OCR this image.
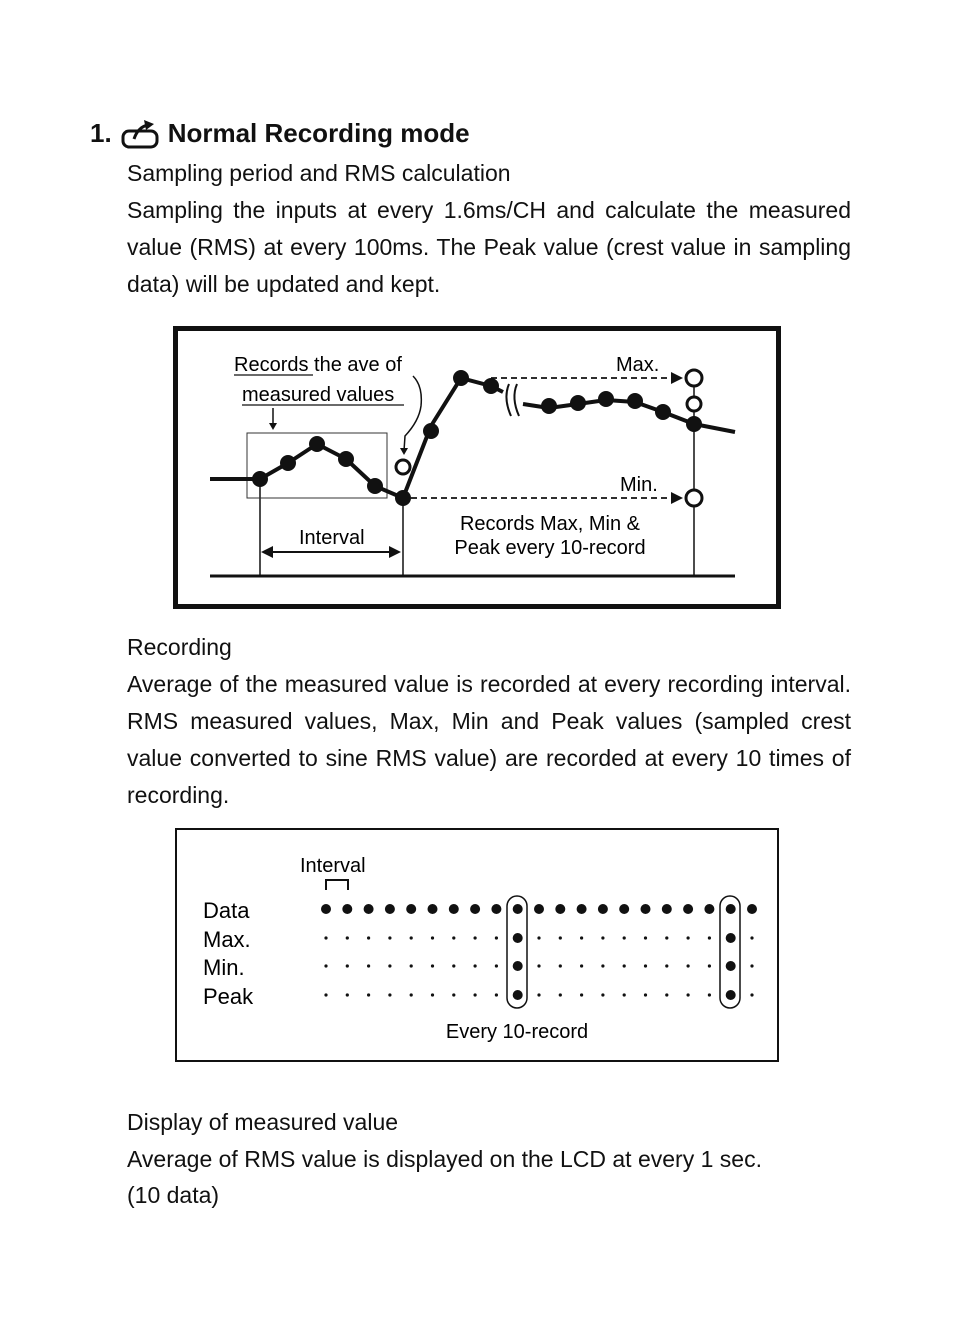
1. Normal Recording mode
Sampling period and RMS calculation
Sampling the inputs at every 1.6ms/CH and calculate the measured value (RMS) at every 100ms. The Peak value (crest value in sampling data) will be updated and kept.
Records the ave of
measured values
Max.
Min.
Interval
Records Max, Min &
Peak every 10-record
Recording
Average of the measured value is recorded at every recording interval. RMS measured values, Max, Min and Peak values (sampled crest value converted to sine RMS value) are recorded at every 10 times of recording.
Interval
Data
Max.
Min.
Peak
Every 10-record
Display of measured value
Average of RMS value is displayed on the LCD at every 1 sec.
(10 data)
